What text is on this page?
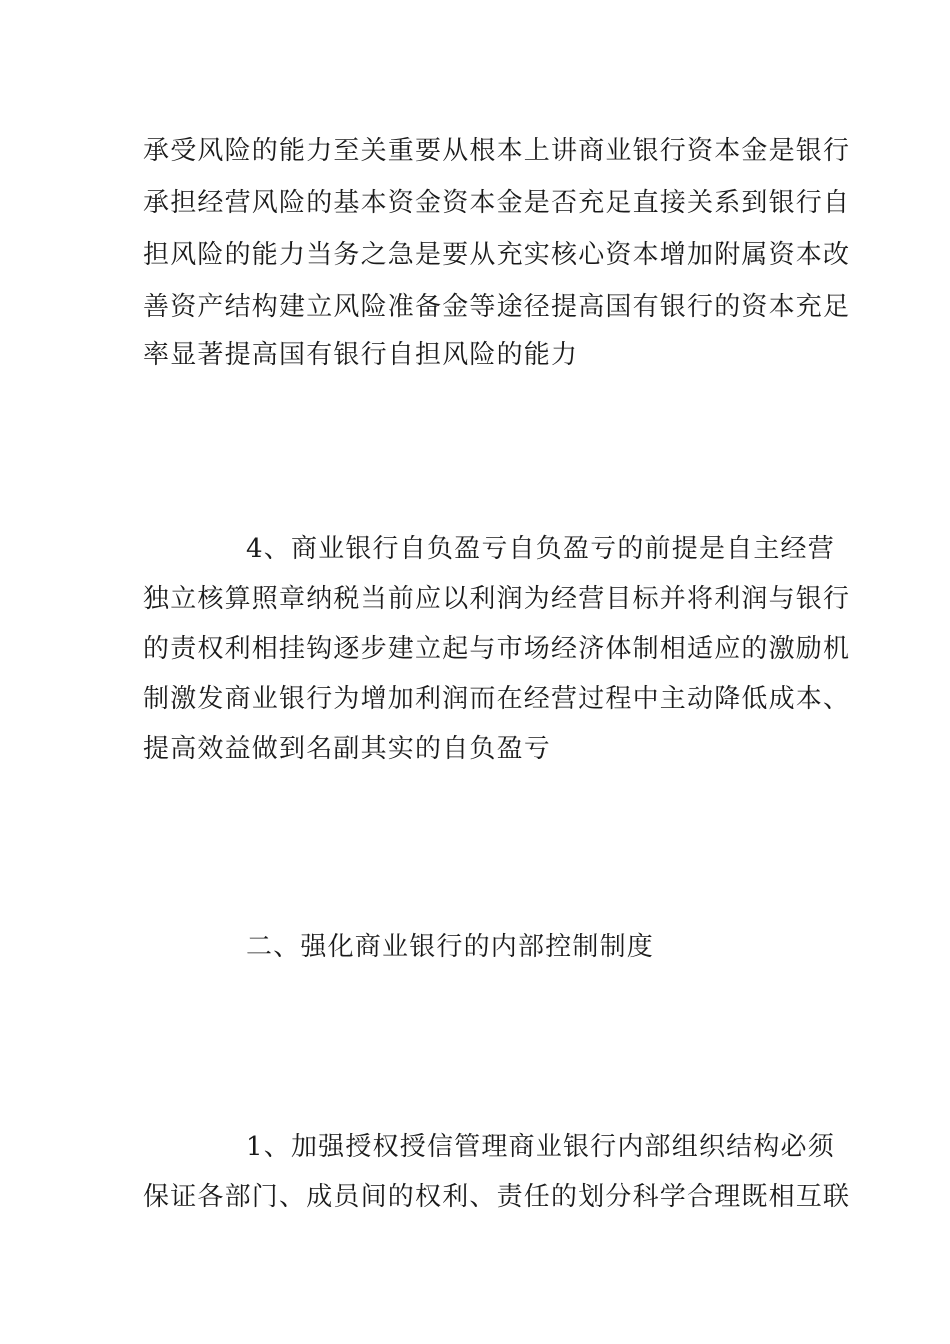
承受风险的能力至关重要从根本上讲商业银行资本金是银行
承担经营风险的基本资金资本金是否充足直接关系到银行自
担风险的能力当务之急是要从充实核心资本增加附属资本改
善资产结构建立风险准备金等途径提高国有银行的资本充足
率显著提高国有银行自担风险的能力
4、商业银行自负盈亏自负盈亏的前提是自主经营
独立核算照章纳税当前应以利润为经营目标并将利润与银行
的责权利相挂钩逐步建立起与市场经济体制相适应的激励机
制激发商业银行为增加利润而在经营过程中主动降低成本、
提高效益做到名副其实的自负盈亏
二、强化商业银行的内部控制制度
1、加强授权授信管理商业银行内部组织结构必须
保证各部门、成员间的权利、责任的划分科学合理既相互联
